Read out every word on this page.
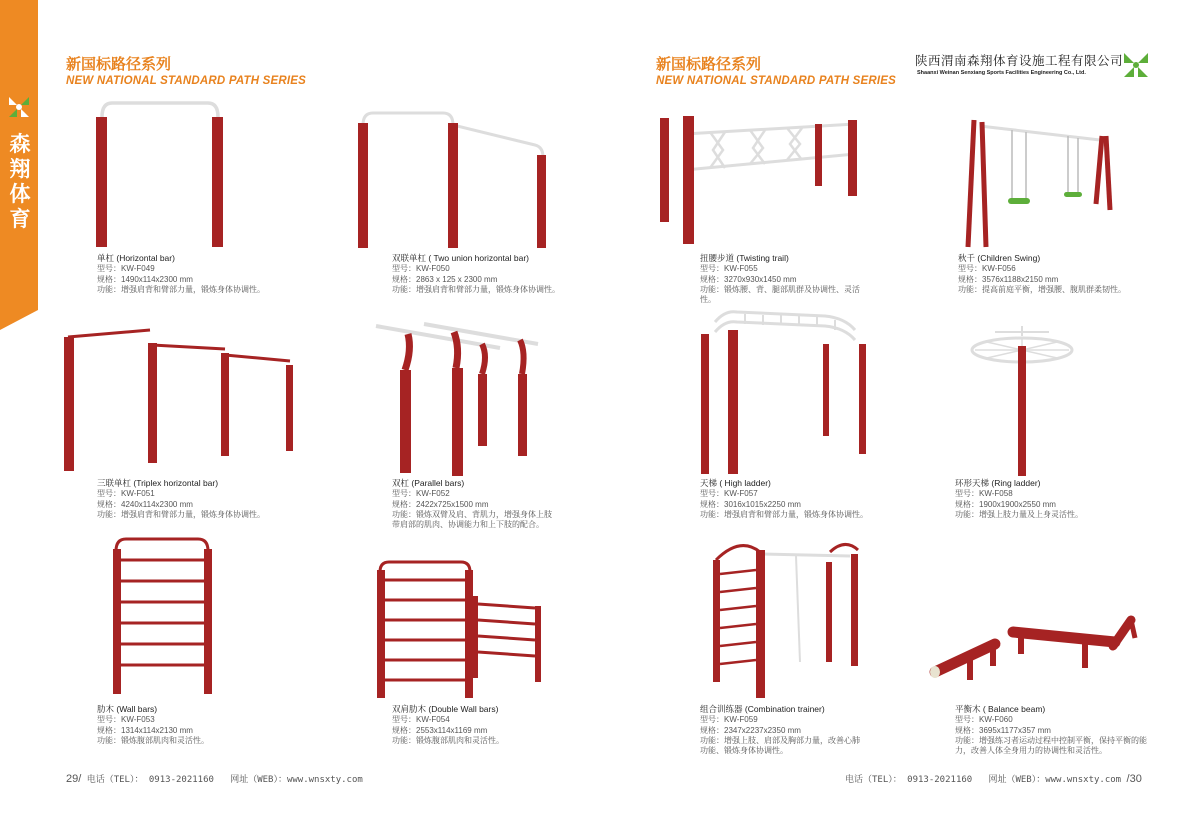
森
翔
体
育
新国标路径系列
NEW NATIONAL STANDARD PATH SERIES
新国标路径系列
NEW NATIONAL STANDARD PATH SERIES
陕西渭南森翔体育设施工程有限公司
Shaanxi Weinan Senxiang Sports Facilities Engineering Co., Ltd.
单杠 (Horizontal bar)
型号：KW-F049
规格：1490x114x2300 mm
功能：增强肩背和臂部力量，锻炼身体协调性。
双联单杠 ( Two union horizontal bar)
型号：KW-F050
规格：2863 x 125 x 2300 mm
功能：增强肩背和臂部力量，锻炼身体协调性。
三联单杠 (Triplex horizontal bar)
型号：KW-F051
规格：4240x114x2300 mm
功能：增强肩背和臂部力量，锻炼身体协调性。
双杠 (Parallel bars)
型号：KW-F052
规格：2422x725x1500 mm
功能：锻炼双臂及肩、背肌力，增强身体上肢带肩部的肌肉、协调能力和上下肢的配合。
肋木 (Wall bars)
型号：KW-F053
规格：1314x114x2130 mm
功能：锻炼腹部肌肉和灵活性。
双肩肋木 (Double Wall bars)
型号：KW-F054
规格：2553x114x1169 mm
功能：锻炼腹部肌肉和灵活性。
扭腰步道 (Twisting trail)
型号：KW-F055
规格：3270x930x1450 mm
功能：锻炼腰、背、腿部肌群及协调性、灵活性。
秋千 (Children Swing)
型号：KW-F056
规格：3576x1188x2150 mm
功能：提高前庭平衡，增强腰、腹肌群柔韧性。
天梯 ( High ladder)
型号：KW-F057
规格：3016x1015x2250 mm
功能：增强肩背和臂部力量，锻炼身体协调性。
环形天梯 (Ring ladder)
型号：KW-F058
规格：1900x1900x2550 mm
功能：增强上肢力量及上身灵活性。
组合训练器 (Combination trainer)
型号：KW-F059
规格：2347x2237x2350 mm
功能：增强上肢、肩部及胸部力量，改善心肺功能、锻炼身体协调性。
平衡木 ( Balance beam)
型号：KW-F060
规格：3695x1177x357 mm
功能：增强练习者运动过程中控制平衡，保持平衡的能力，改善人体全身用力的协调性和灵活性。
29/ 电话（TEL）： 0913-2021160 网址（WEB）：www.wnsxty.com	电话（TEL）： 0913-2021160 网址（WEB）：www.wnsxty.com /30
